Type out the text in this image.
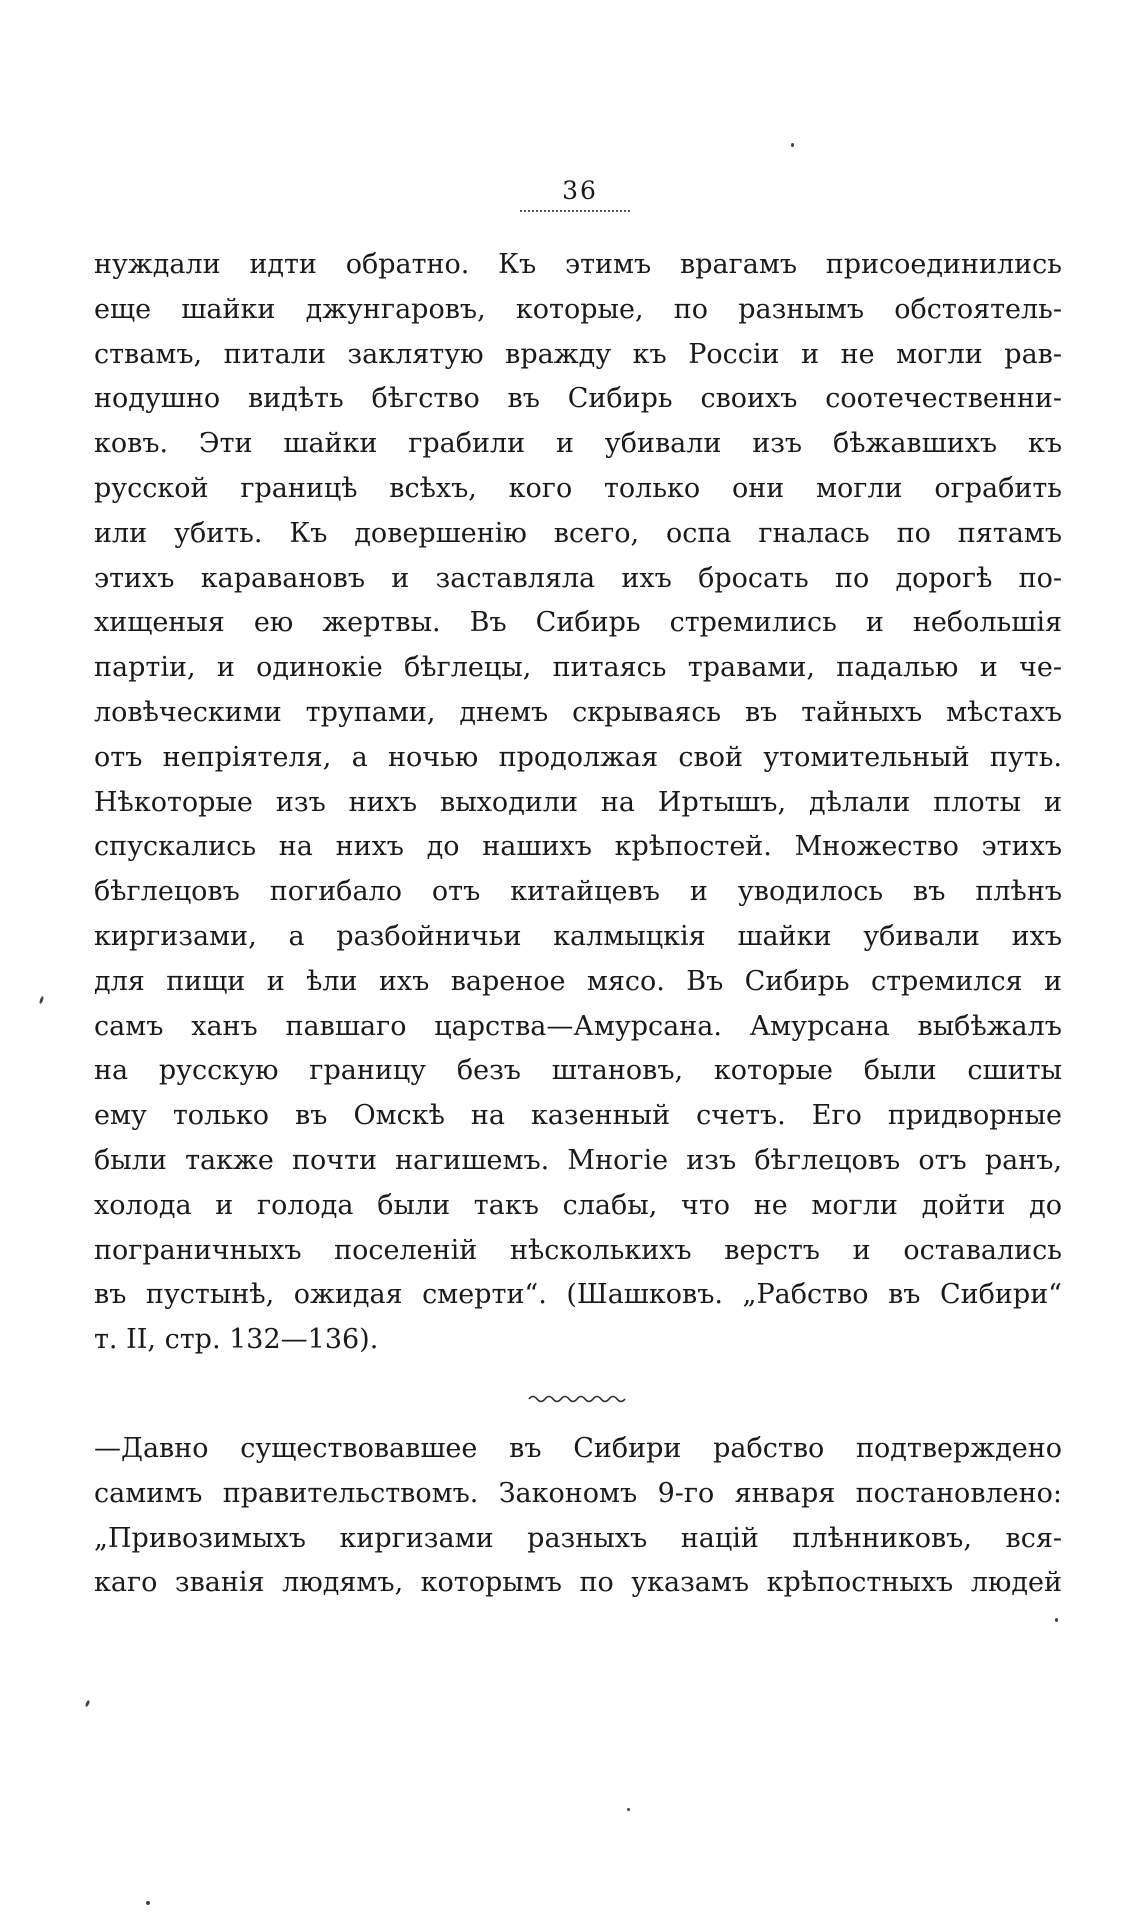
36
нуждали идти обратно. Къ этимъ врагамъ присоединились
еще шайки джунгаровъ, которые, по разнымъ обстоятель-
ствамъ, питали заклятую вражду къ Россіи и не могли рав-
нодушно видѣть бѣгство въ Сибирь своихъ соотечественни-
ковъ. Эти шайки грабили и убивали изъ бѣжавшихъ къ
русской границѣ всѣхъ, кого только они могли ограбить
или убить. Къ довершенію всего, оспа гналась по пятамъ
этихъ каравановъ и заставляла ихъ бросать по дорогѣ по-
хищеныя ею жертвы. Въ Сибирь стремились и небольшія
партіи, и одинокіе бѣглецы, питаясь травами, падалью и че-
ловѣческими трупами, днемъ скрываясь въ тайныхъ мѣстахъ
отъ непріятеля, а ночью продолжая свой утомительный путь.
Нѣкоторые изъ нихъ выходили на Иртышъ, дѣлали плоты и
спускались на нихъ до нашихъ крѣпостей. Множество этихъ
бѣглецовъ погибало отъ китайцевъ и уводилось въ плѣнъ
киргизами, а разбойничьи калмыцкія шайки убивали ихъ
для пищи и ѣли ихъ вареное мясо. Въ Сибирь стремился и
самъ ханъ павшаго царства—Амурсана. Амурсана выбѣжалъ
на русскую границу безъ штановъ, которые были сшиты
ему только въ Омскѣ на казенный счетъ. Его придворные
были также почти нагишемъ. Многіе изъ бѣглецовъ отъ ранъ,
холода и голода были такъ слабы, что не могли дойти до
пограничныхъ поселеній нѣсколькихъ верстъ и оставались
въ пустынѣ, ожидая смерти“. (Шашковъ. „Рабство въ Сибири“
т. II, стр. 132—136).
—Давно существовавшее въ Сибири рабство подтверждено
самимъ правительствомъ. Закономъ 9-го января постановлено:
„Привозимыхъ киргизами разныхъ націй плѣнниковъ, вся-
каго званія людямъ, которымъ по указамъ крѣпостныхъ людей
